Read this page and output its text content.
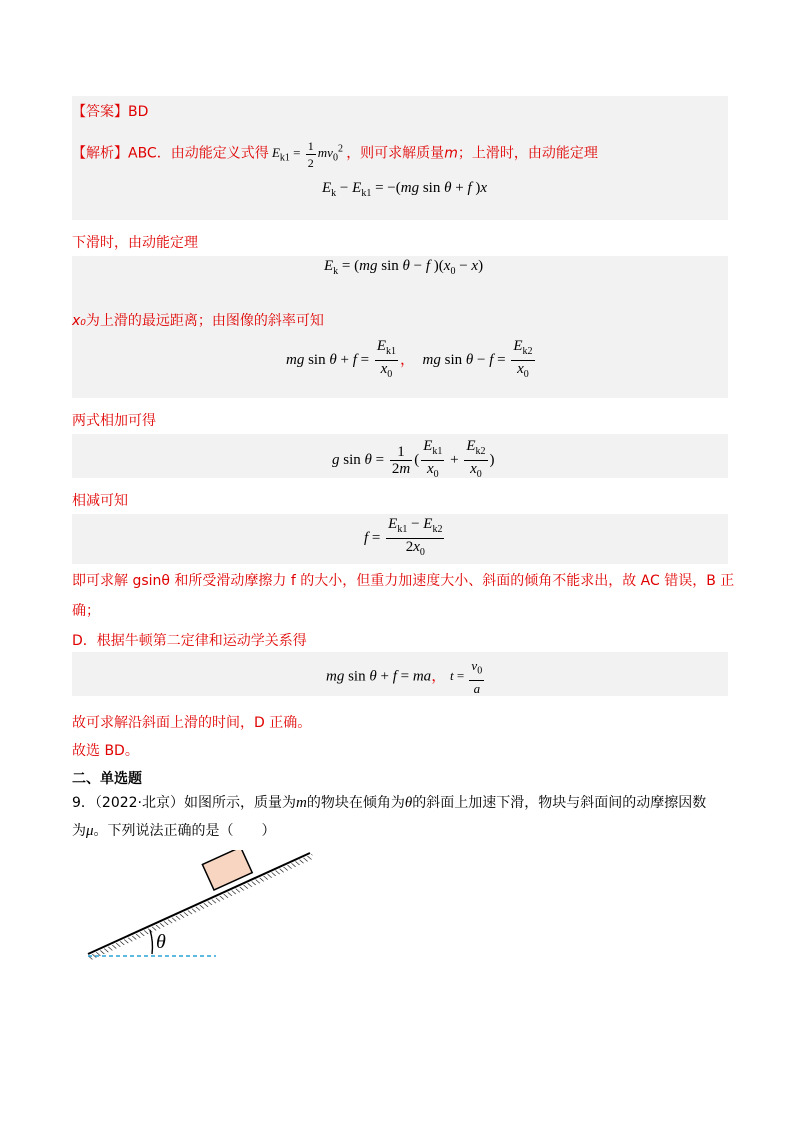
【答案】BD
【解析】ABC．由动能定义式得 $E_{k1} = \frac{1}{2} mv_0^2$ ，则可求解质量m；上滑时，由动能定理
$E_k - E_{k1} = -(mg$ sin θ + f )x
下滑时，由动能定理
$E_k = (mg$ sin θ − f )$(x_0 - x)$
x₀为上滑的最远距离；由图像的斜率可知
mg $\sin \theta + f = \frac{E_{k1}}{x_0}$ ， mg $\sin \theta - f = \frac{E_{k2}}{x_0}$
两式相加可得
g $\sin \theta = \frac{1}{2m}$ ( $\frac{E_{k1}}{x_0} + \frac{E_{k2}}{x_0}$ )
相减可知
$f = \frac{E_{k1} - E_{k2}}{2x_0}$
即可求解 gsinθ 和所受滑动摩擦力 f 的大小，但重力加速度大小、斜面的倾角不能求出，故 AC 错误，B 正
确；
D．根据牛顿第二定律和运动学关系得
mg sin θ + f = ma， $t = \frac{v_0}{a}$
故可求解沿斜面上滑的时间，D 正确。
故选 BD。
二、单选题
9．（2022·北京）如图所示，质量为m的物块在倾角为θ的斜面上加速下滑，物块与斜面间的动摩擦因数
为μ。下列说法正确的是（　　）
θ
